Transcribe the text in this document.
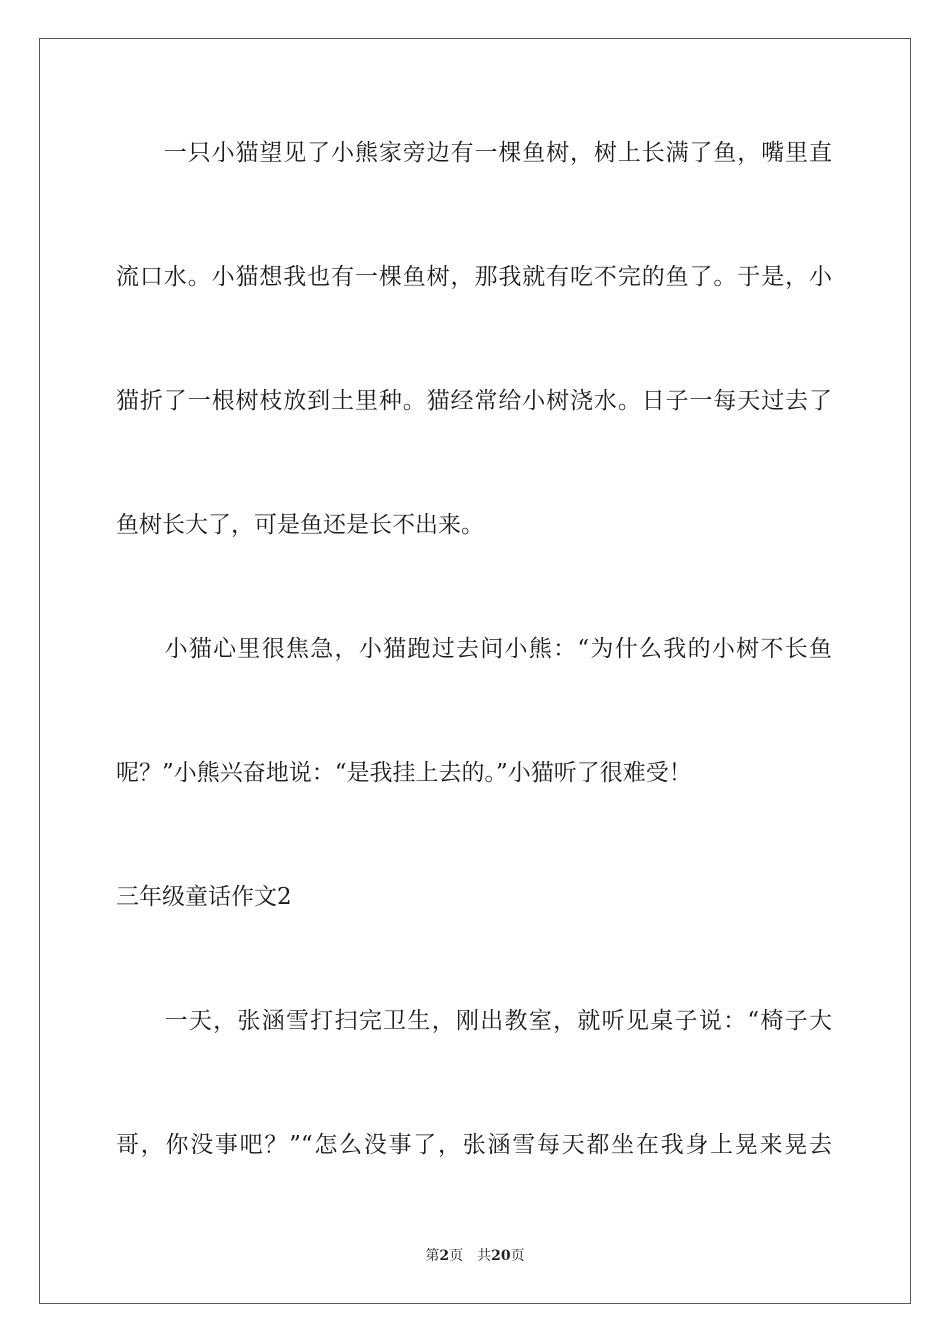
　　一只小猫望见了小熊家旁边有一棵鱼树，树上长满了鱼，嘴里直
流口水。小猫想我也有一棵鱼树，那我就有吃不完的鱼了。于是，小
猫折了一根树枝放到土里种。猫经常给小树浇水。日子一每天过去了
鱼树长大了，可是鱼还是长不出来。
　　小猫心里很焦急，小猫跑过去问小熊：“为什么我的小树不长鱼
呢？”小熊兴奋地说：“是我挂上去的。”小猫听了很难受！
三年级童话作文2
　　一天，张涵雪打扫完卫生，刚出教室，就听见桌子说：“椅子大
哥，你没事吧？”“怎么没事了，张涵雪每天都坐在我身上晃来晃去
第2页 共20页
